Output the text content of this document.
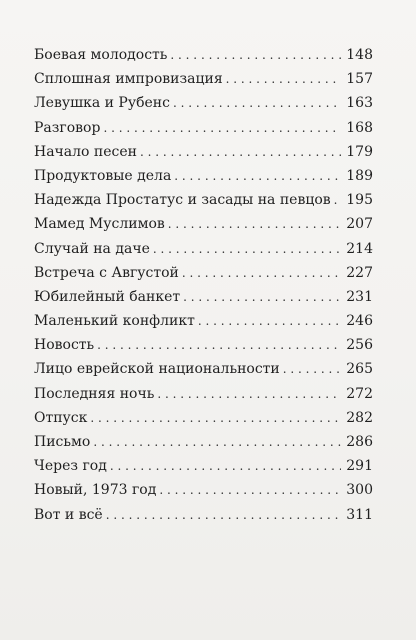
Боевая молодость . . .	148
Сплошная импровизация . . .	157
Левушка и Рубенс . . .	163
Разговор . . .	168
Начало песен . . .	179
Продуктовые дела . . .	189
Надежда Простатус и засады на певцов . . .	195
Мамед Муслимов . . .	207
Случай на даче . . .	214
Встреча с Августой . . .	227
Юбилейный банкет . . .	231
Маленький конфликт . . .	246
Новость . . .	256
Лицо еврейской национальности . . .	265
Последняя ночь . . .	272
Отпуск . . .	282
Письмо . . .	286
Через год . . .	291
Новый, 1973 год . . .	300
Вот и всё . . .	311
